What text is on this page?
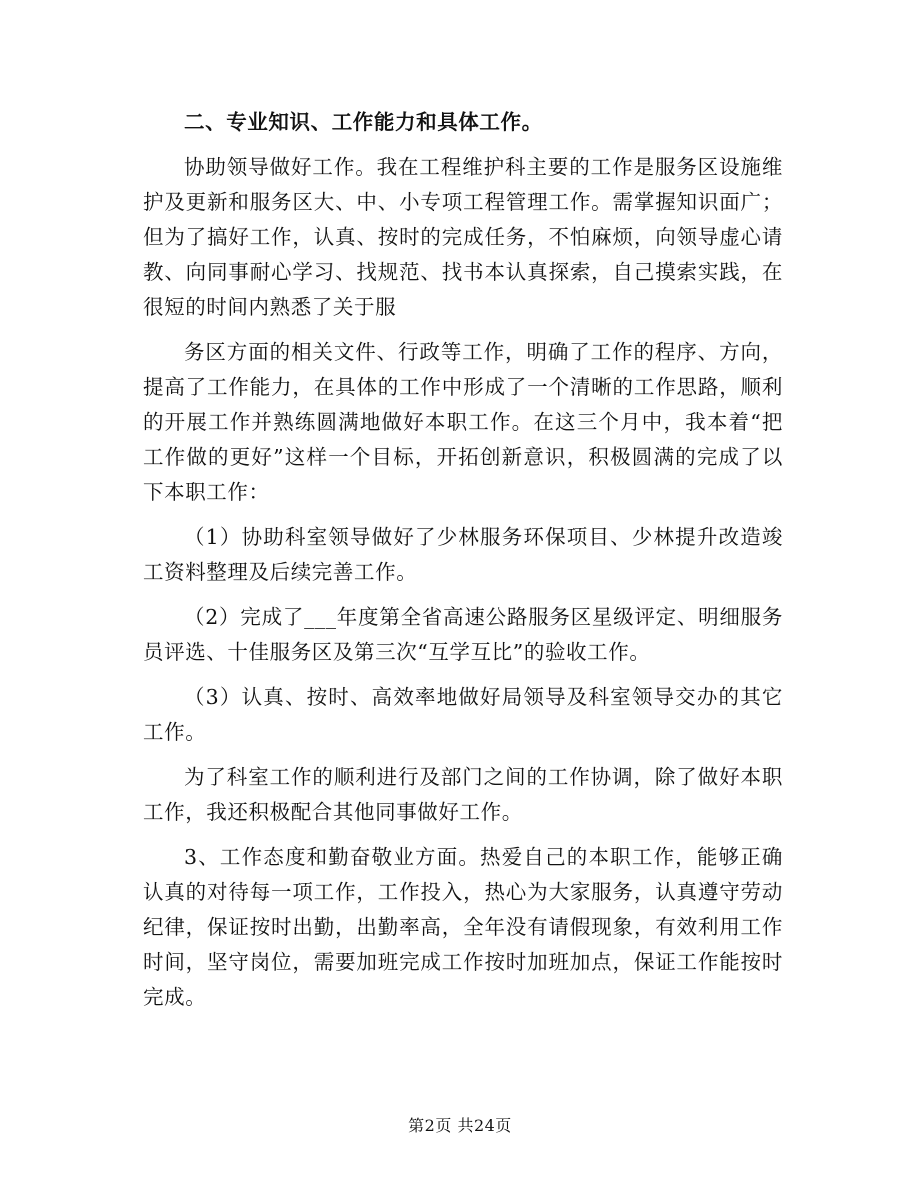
二、专业知识、工作能力和具体工作。

协助领导做好工作。我在工程维护科主要的工作是服务区设施维护及更新和服务区大、中、小专项工程管理工作。需掌握知识面广；但为了搞好工作，认真、按时的完成任务，不怕麻烦，向领导虚心请教、向同事耐心学习、找规范、找书本认真探索，自己摸索实践，在很短的时间内熟悉了关于服

务区方面的相关文件、行政等工作，明确了工作的程序、方向，提高了工作能力，在具体的工作中形成了一个清晰的工作思路，顺利的开展工作并熟练圆满地做好本职工作。在这三个月中，我本着“把工作做的更好”这样一个目标，开拓创新意识，积极圆满的完成了以下本职工作：

（1）协助科室领导做好了少林服务环保项目、少林提升改造竣工资料整理及后续完善工作。

（2）完成了___年度第全省高速公路服务区星级评定、明细服务员评选、十佳服务区及第三次“互学互比”的验收工作。

（3）认真、按时、高效率地做好局领导及科室领导交办的其它工作。

为了科室工作的顺利进行及部门之间的工作协调，除了做好本职工作，我还积极配合其他同事做好工作。

3、工作态度和勤奋敬业方面。热爱自己的本职工作，能够正确认真的对待每一项工作，工作投入，热心为大家服务，认真遵守劳动纪律，保证按时出勤，出勤率高，全年没有请假现象，有效利用工作时间，坚守岗位，需要加班完成工作按时加班加点，保证工作能按时完成。

第2页 共24页
